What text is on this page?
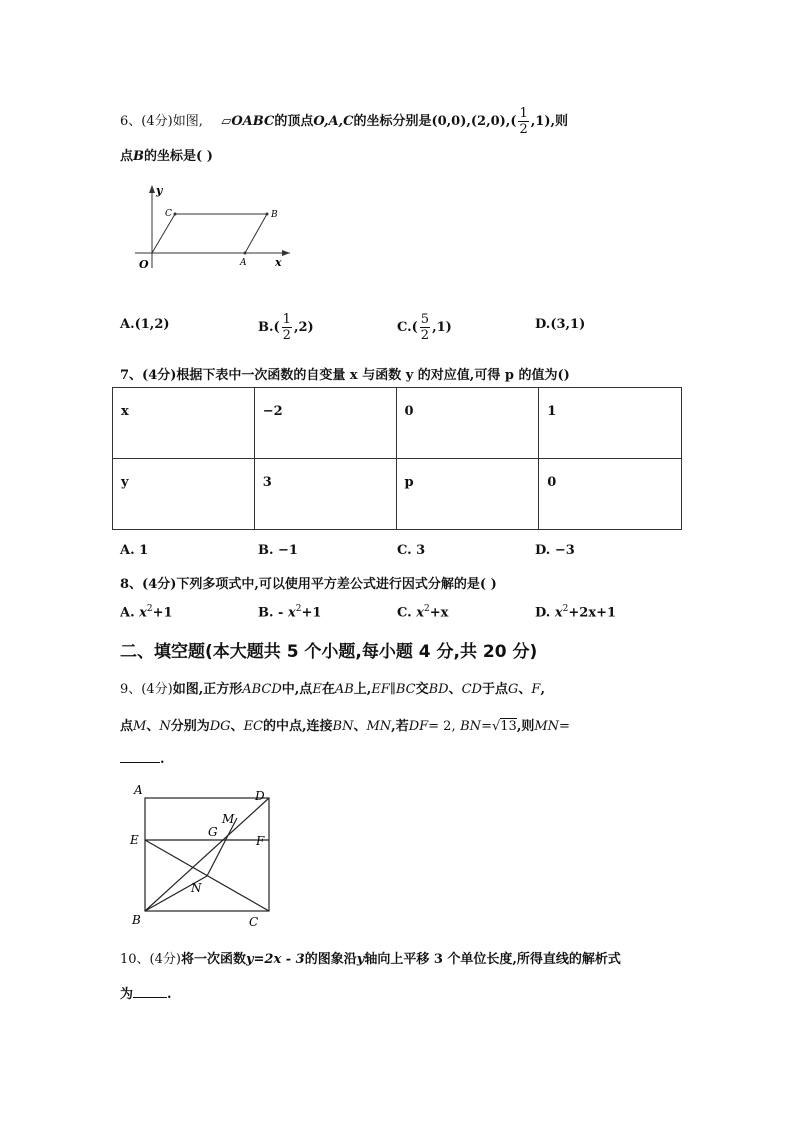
6、(4分)如图, ▱OABC的顶点O,A,C的坐标分别是$(0,0),(2,0),( \frac{1}{2} ,1)$,则
点B的坐标是( )
y
x
O	A
B
C
A.(1,2)	$B.( \frac{1}{2} ,2)$	$C.( \frac{5}{2} ,1)$	D.(3,1)
7、(4分)根据下表中一次函数的自变量 x 与函数 y 的对应值,可得 p 的值为()
x	−2	0	1
y	3	p	0
A. 1	B. −1	C. 3	D. −3
8、(4分)下列多项式中,可以使用平方差公式进行因式分解的是( )
A. $x^2+1$	B. - $x^2+1$	C. $x^2+x$	D. $x^2+2x+1$
二、填空题(本大题共 5 个小题,每小题 4 分,共 20 分)
9、(4分)如图,正方形ABCD中,点E在AB上,EF∥BC交BD、CD于点G、F,
点M、N分别为DG、EC的中点,连接BN、MN,若DF= 2, BN=√13,则MN=
.
A	D
E	F
B	C
G
M
N
10、(4分)将一次函数y=2x - 3的图象沿y轴向上平移 3 个单位长度,所得直线的解析式
为	.
